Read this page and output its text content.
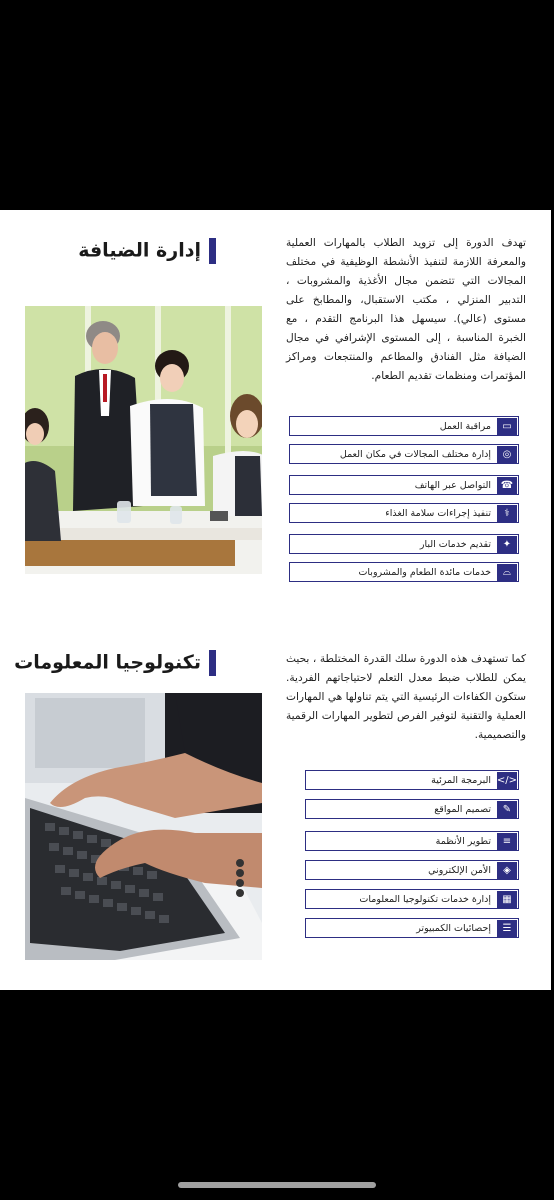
إدارة الضيافة	تهدف الدورة إلى تزويد الطلاب بالمهارات العملية والمعرفة اللازمة لتنفيذ الأنشطة الوظيفية في مختلف المجالات التي تتضمن مجال الأغذية والمشروبات ، التدبير المنزلي ، مكتب الاستقبال، والمطابخ على مستوى (عالي). سيسهل هذا البرنامج التقدم ، مع الخبرة المناسبة ، إلى المستوى الإشرافي في مجال الضيافة مثل الفنادق والمطاعم والمنتجعات ومراكز المؤتمرات ومنظمات تقديم الطعام.
▭
مراقبة العمل
◎
إدارة مختلف المجالات في مكان العمل
☎
التواصل عبر الهاتف
⚕
تنفيذ إجراءات سلامة الغذاء
✦
تقديم خدمات البار
⌓
خدمات مائدة الطعام والمشروبات
تكنولوجيا المعلومات	كما تستهدف هذه الدورة سلك القدرة المختلطة ، بحيث يمكن للطلاب ضبط معدل التعلم لاحتياجاتهم الفردية. ستكون الكفاءات الرئيسية التي يتم تناولها هي المهارات العملية والتقنية لتوفير الفرص لتطوير المهارات الرقمية والتصميمية.
</>
البرمجة المرئية
✎
تصميم المواقع
≡
تطوير الأنظمة
◈
الأمن الإلكتروني
▦
إدارة خدمات تكنولوجيا المعلومات
☰
إحصائيات الكمبيوتر
